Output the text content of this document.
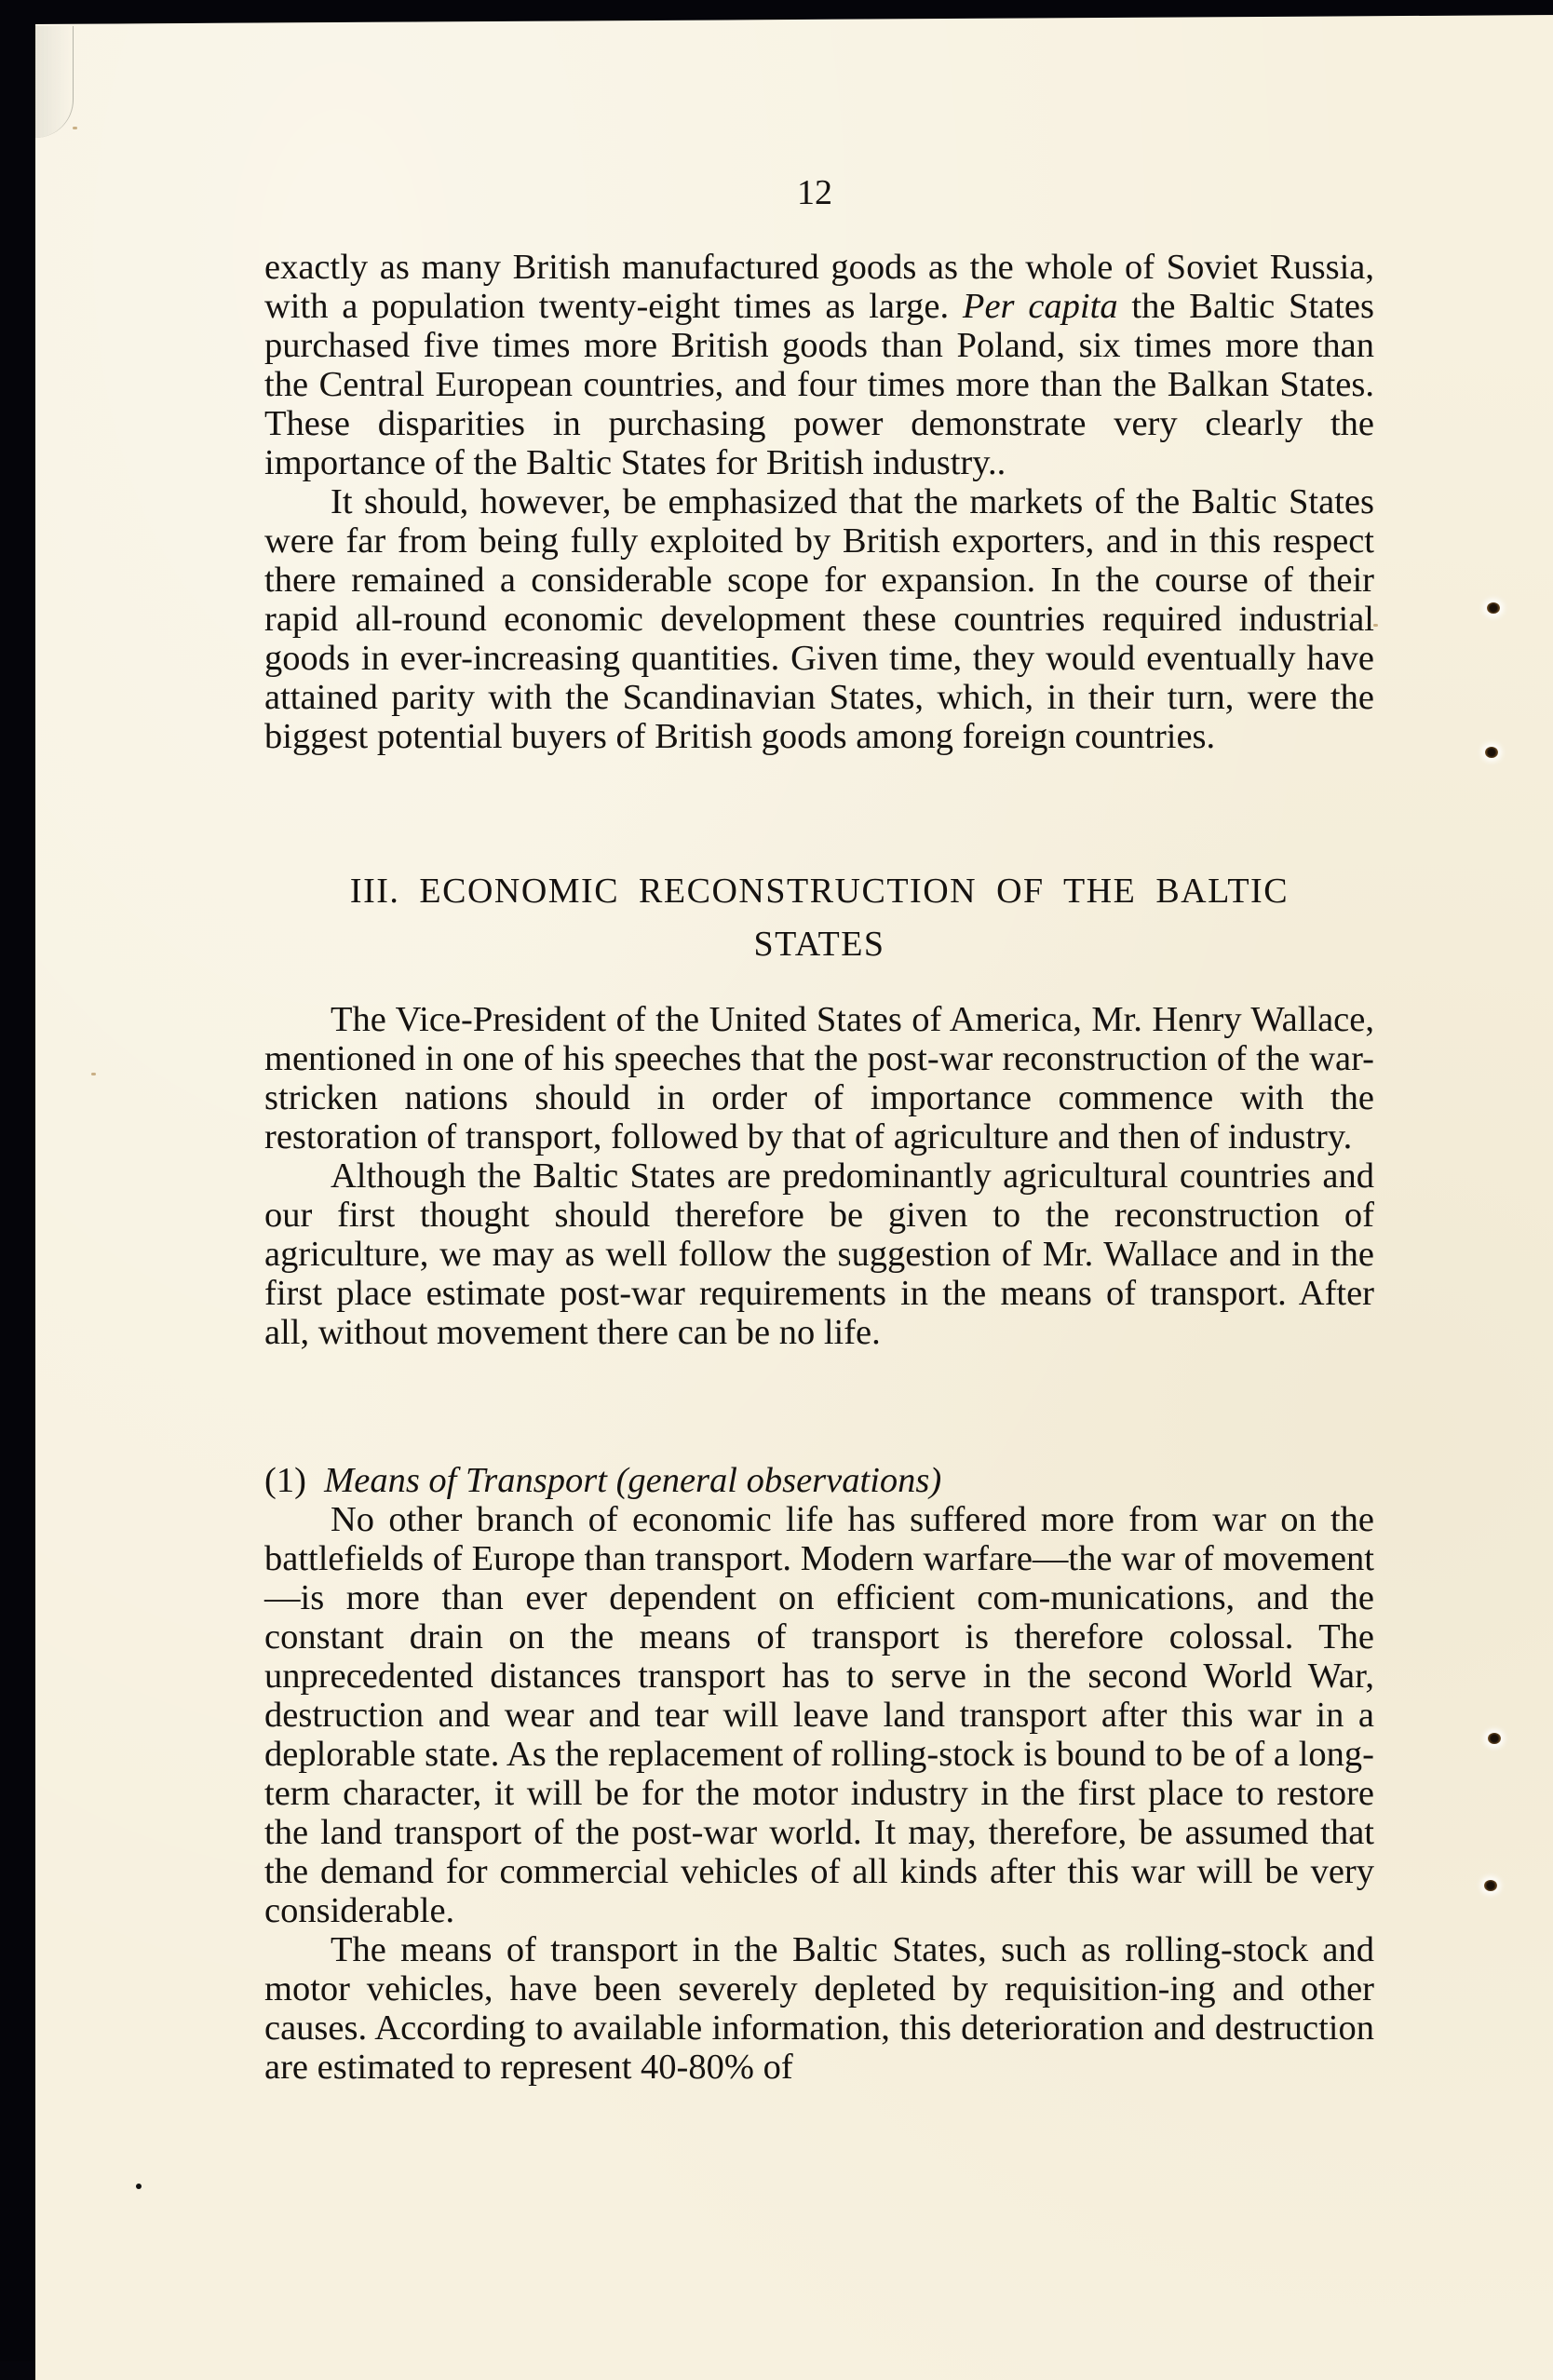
12

exactly as many British manufactured goods as the whole of Soviet Russia, with a population twenty-eight times as large. Per capita the Baltic States purchased five times more British goods than Poland, six times more than the Central European countries, and four times more than the Balkan States. These disparities in purchasing power demonstrate very clearly the importance of the Baltic States for British industry..

It should, however, be emphasized that the markets of the Baltic States were far from being fully exploited by British exporters, and in this respect there remained a considerable scope for expansion. In the course of their rapid all-round economic development these countries required industrial goods in ever-increasing quantities. Given time, they would eventually have attained parity with the Scandinavian States, which, in their turn, were the biggest potential buyers of British goods among foreign countries.

III. ECONOMIC RECONSTRUCTION OF THE BALTIC
STATES

The Vice-President of the United States of America, Mr. Henry Wallace, mentioned in one of his speeches that the post-war reconstruction of the war-stricken nations should in order of importance commence with the restoration of transport, followed by that of agriculture and then of industry.

Although the Baltic States are predominantly agricultural countries and our first thought should therefore be given to the reconstruction of agriculture, we may as well follow the suggestion of Mr. Wallace and in the first place estimate post-war requirements in the means of transport. After all, without movement there can be no life.

(1) Means of Transport (general observations)

No other branch of economic life has suffered more from war on the battlefields of Europe than transport. Modern warfare—the war of movement—is more than ever dependent on efficient com-munications, and the constant drain on the means of transport is therefore colossal. The unprecedented distances transport has to serve in the second World War, destruction and wear and tear will leave land transport after this war in a deplorable state. As the replacement of rolling-stock is bound to be of a long-term character, it will be for the motor industry in the first place to restore the land transport of the post-war world. It may, therefore, be assumed that the demand for commercial vehicles of all kinds after this war will be very considerable.

The means of transport in the Baltic States, such as rolling-stock and motor vehicles, have been severely depleted by requisition-ing and other causes. According to available information, this deterioration and destruction are estimated to represent 40-80% of
